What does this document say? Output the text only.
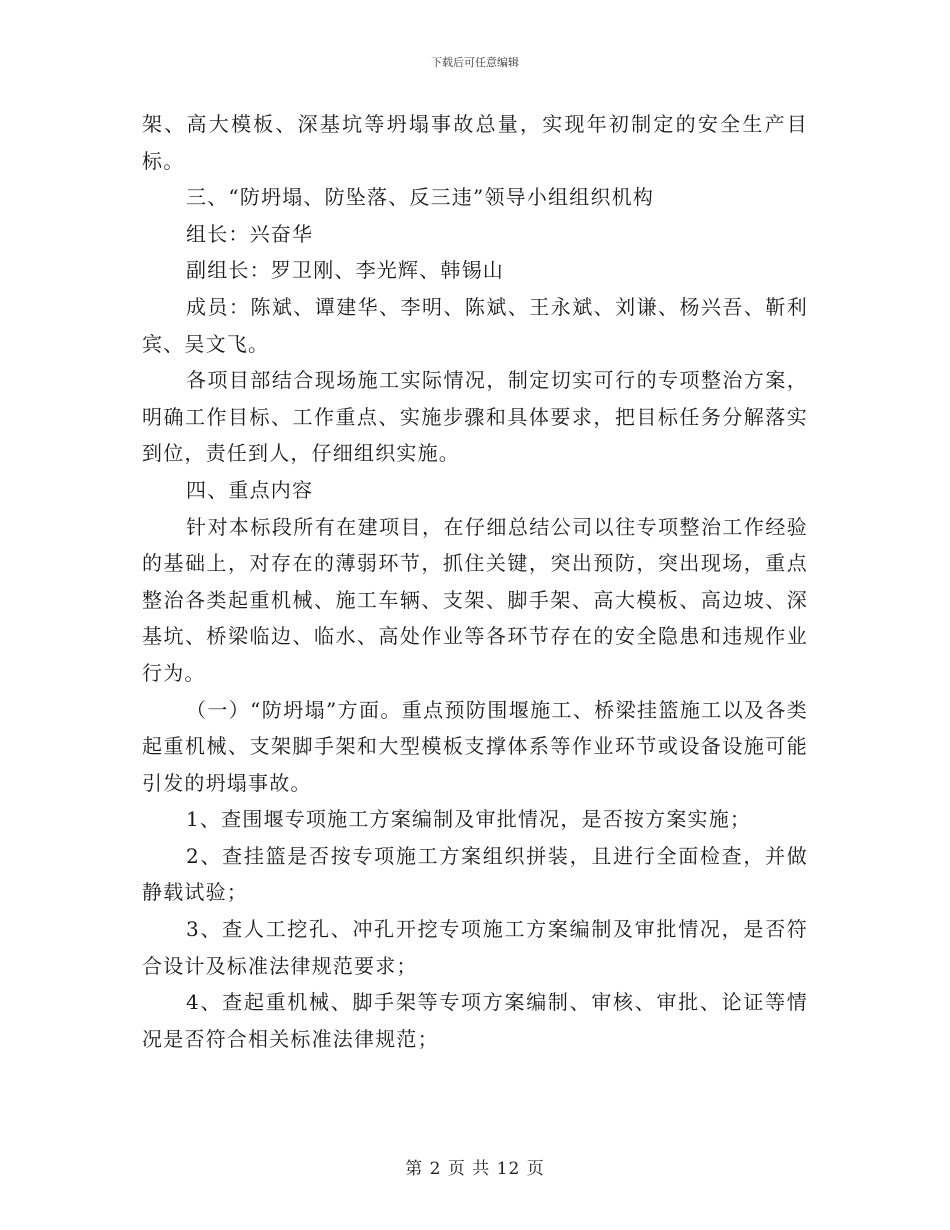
下载后可任意编辑

架、高大模板、深基坑等坍塌事故总量，实现年初制定的安全生产目标。

三、“防坍塌、防坠落、反三违”领导小组组织机构

组长：兴奋华

副组长：罗卫刚、李光辉、韩锡山

成员：陈斌、谭建华、李明、陈斌、王永斌、刘谦、杨兴吾、靳利宾、吴文飞。

各项目部结合现场施工实际情况，制定切实可行的专项整治方案，明确工作目标、工作重点、实施步骤和具体要求，把目标任务分解落实到位，责任到人，仔细组织实施。

四、重点内容

针对本标段所有在建项目，在仔细总结公司以往专项整治工作经验的基础上，对存在的薄弱环节，抓住关键，突出预防，突出现场，重点整治各类起重机械、施工车辆、支架、脚手架、高大模板、高边坡、深基坑、桥梁临边、临水、高处作业等各环节存在的安全隐患和违规作业行为。

（一）“防坍塌”方面。重点预防围堰施工、桥梁挂篮施工以及各类起重机械、支架脚手架和大型模板支撑体系等作业环节或设备设施可能引发的坍塌事故。

1、查围堰专项施工方案编制及审批情况，是否按方案实施；

2、查挂篮是否按专项施工方案组织拼装，且进行全面检查，并做静载试验；

3、查人工挖孔、冲孔开挖专项施工方案编制及审批情况，是否符合设计及标准法律规范要求；

4、查起重机械、脚手架等专项方案编制、审核、审批、论证等情况是否符合相关标准法律规范；

第 2 页 共 12 页
